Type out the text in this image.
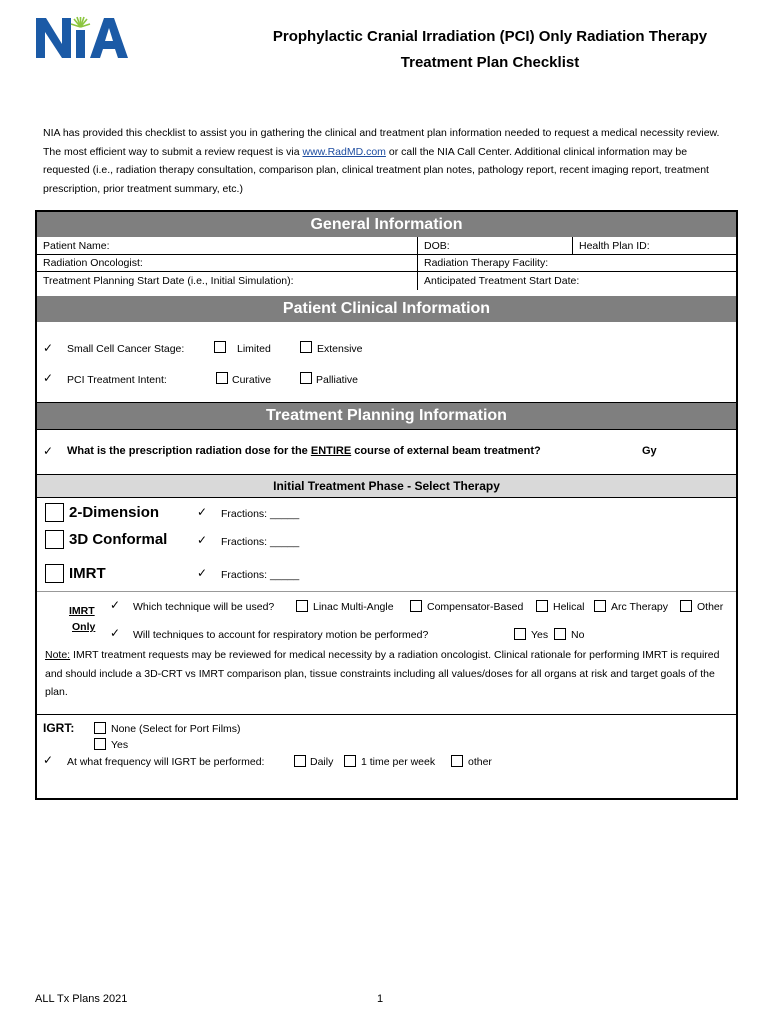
Prophylactic Cranial Irradiation (PCI) Only Radiation Therapy
Treatment Plan Checklist
NIA has provided this checklist to assist you in gathering the clinical and treatment plan information needed to request a medical necessity review. The most efficient way to submit a review request is via www.RadMD.com or call the NIA Call Center. Additional clinical information may be requested (i.e., radiation therapy consultation, comparison plan, clinical treatment plan notes, pathology report, recent imaging report, treatment prescription, prior treatment summary, etc.)
General Information
Patient Name:	DOB:	Health Plan ID:
Radiation Oncologist:	Radiation Therapy Facility:
Treatment Planning Start Date (i.e., Initial Simulation):	Anticipated Treatment Start Date:
Patient Clinical Information
✓ Small Cell Cancer Stage:	Limited	Extensive
✓ PCI Treatment Intent:	Curative	Palliative
Treatment Planning Information
✓ What is the prescription radiation dose for the ENTIRE course of external beam treatment?	Gy
Initial Treatment Phase - Select Therapy
2-Dimension	✓ Fractions: _____
3D Conformal ✓ Fractions: _____
IMRT	✓ Fractions: _____
IMRT
Only
✓ Which technique will be used?	Linac Multi-Angle	Compensator-Based	Helical	Arc Therapy	Other
✓ Will techniques to account for respiratory motion be performed?	Yes No
Note: IMRT treatment requests may be reviewed for medical necessity by a radiation oncologist. Clinical rationale for performing IMRT is required and should include a 3D-CRT vs IMRT comparison plan, tissue constraints including all values/doses for all organs at risk and target goals of the plan.
IGRT:	None (Select for Port Films)
Yes
✓ At what frequency will IGRT be performed:	Daily	1 time per week	other
ALL Tx Plans 2021	1
